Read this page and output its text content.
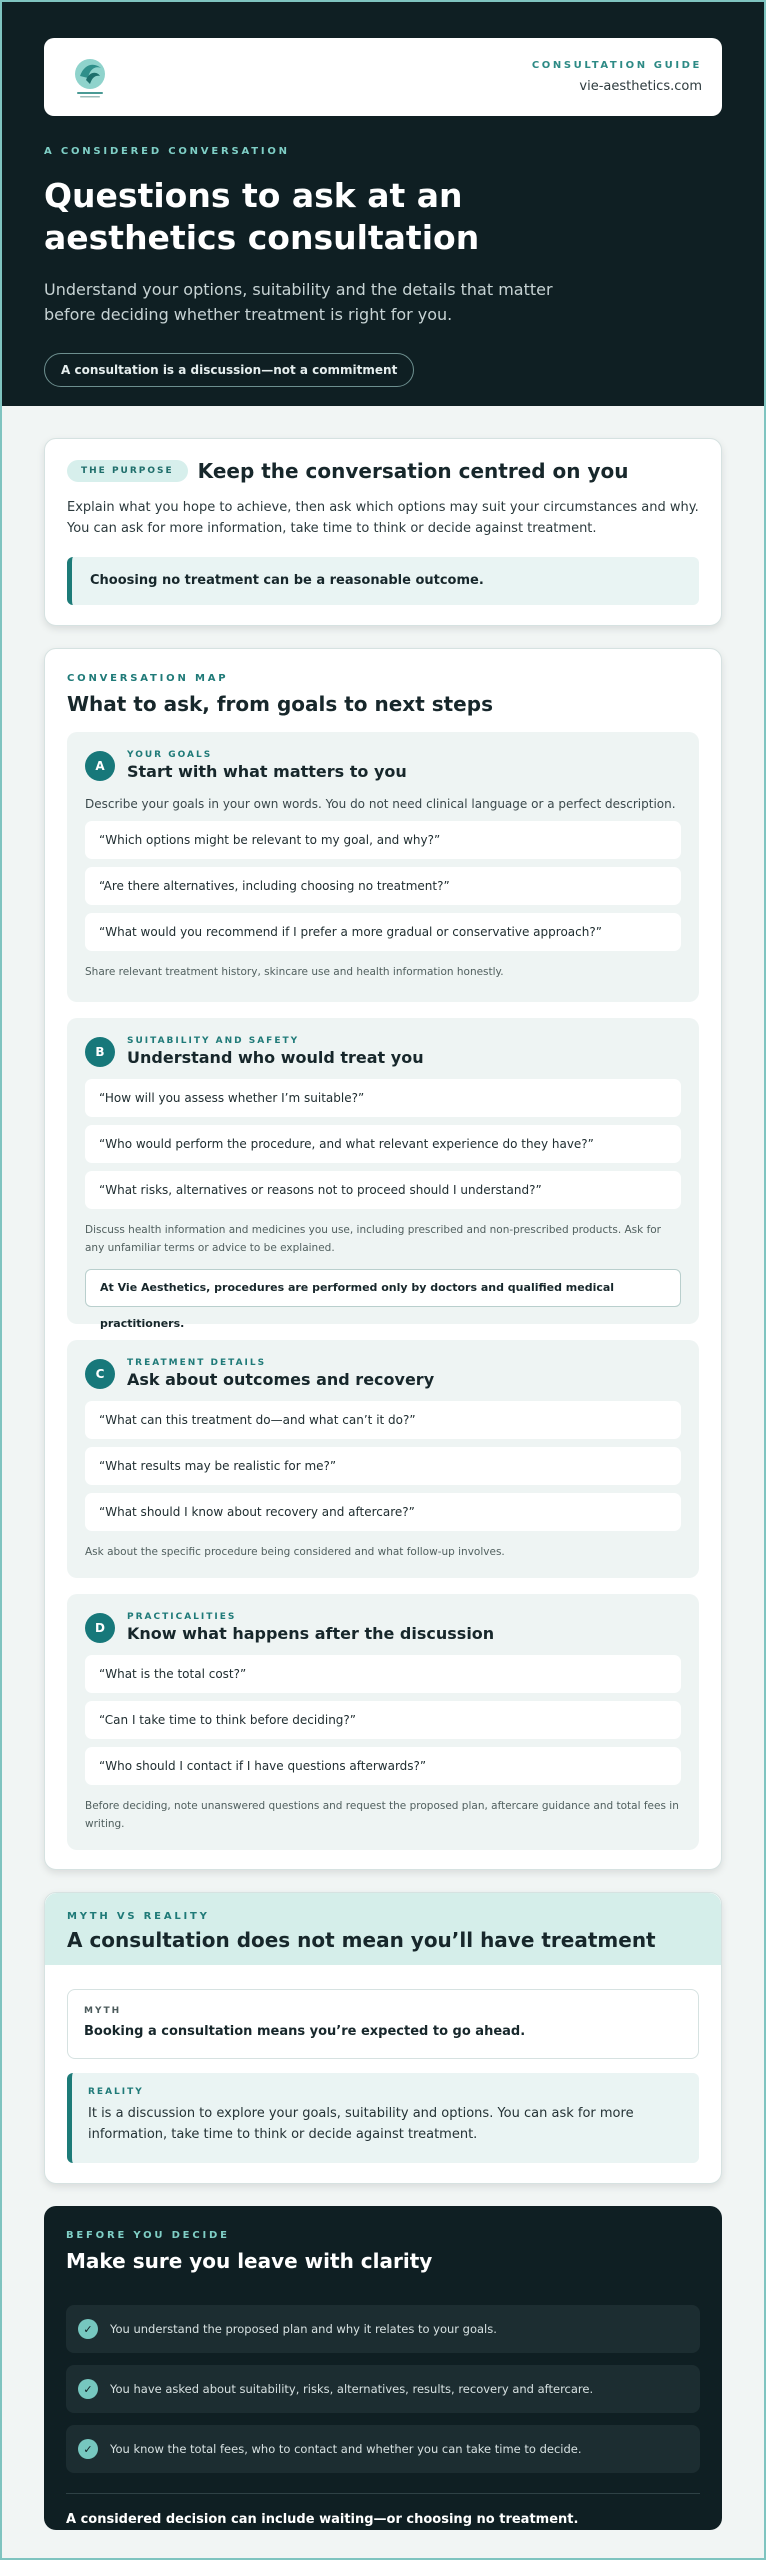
CONSULTATION GUIDE
vie-aesthetics.com
A CONSIDERED CONVERSATION
Questions to ask at an aesthetics consultation

Understand your options, suitability and the details that matter before deciding whether treatment is right for you.

A consultation is a discussion—not a commitment
THE PURPOSE	Keep the conversation centred on you

Explain what you hope to achieve, then ask which options may suit your circumstances and why. You can ask for more information, take time to think or decide against treatment.

Choosing no treatment can be a reasonable outcome.
CONVERSATION MAP
What to ask, from goals to next steps
A
YOUR GOALS
Start with what matters to you
Describe your goals in your own words. You do not need clinical language or a perfect description.
“Which options might be relevant to my goal, and why?”
“Are there alternatives, including choosing no treatment?”
“What would you recommend if I prefer a more gradual or conservative approach?”
Share relevant treatment history, skincare use and health information honestly.
B
SUITABILITY AND SAFETY
Understand who would treat you
“How will you assess whether I’m suitable?”
“Who would perform the procedure, and what relevant experience do they have?”
“What risks, alternatives or reasons not to proceed should I understand?”
Discuss health information and medicines you use, including prescribed and non-prescribed products. Ask for any unfamiliar terms or advice to be explained.
At Vie Aesthetics, procedures are performed only by doctors and qualified medical practitioners.
C
TREATMENT DETAILS
Ask about outcomes and recovery
“What can this treatment do—and what can’t it do?”
“What results may be realistic for me?”
“What should I know about recovery and aftercare?”
Ask about the specific procedure being considered and what follow-up involves.
D
PRACTICALITIES
Know what happens after the discussion
“What is the total cost?”
“Can I take time to think before deciding?”
“Who should I contact if I have questions afterwards?”
Before deciding, note unanswered questions and request the proposed plan, aftercare guidance and total fees in writing.
MYTH VS REALITY
A consultation does not mean you’ll have treatment
MYTH
Booking a consultation means you’re expected to go ahead.
REALITY

It is a discussion to explore your goals, suitability and options. You can ask for more information, take time to think or decide against treatment.

BEFORE YOU DECIDE
Make sure you leave with clarity
✓	You understand the proposed plan and why it relates to your goals.
✓	You have asked about suitability, risks, alternatives, results, recovery and aftercare.
✓	You know the total fees, who to contact and whether you can take time to decide.
A considered decision can include waiting—or choosing no treatment.
